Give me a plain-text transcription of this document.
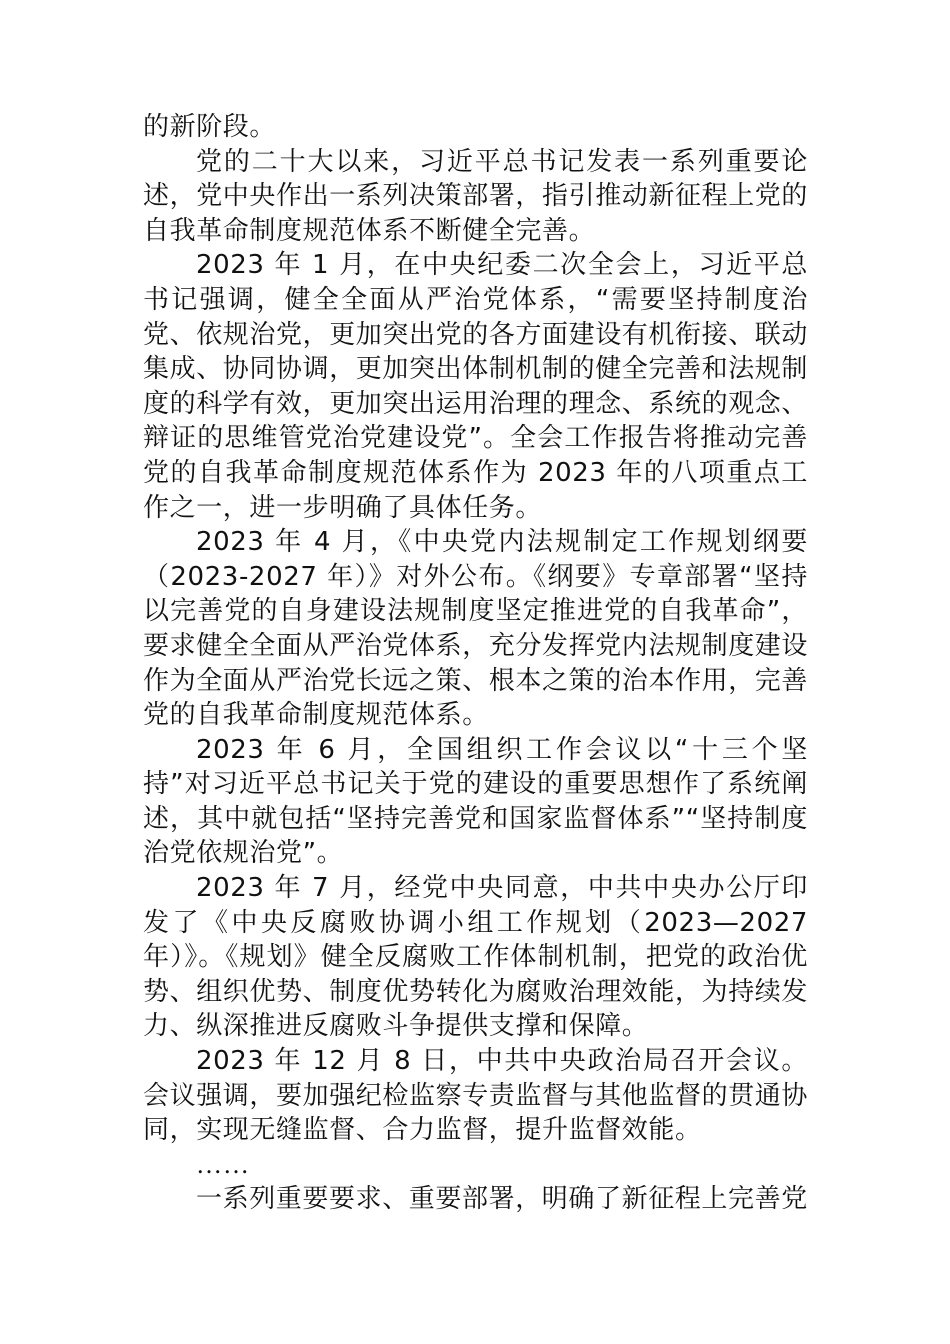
的新阶段。

党的二十大以来，习近平总书记发表一系列重要论述，党中央作出一系列决策部署，指引推动新征程上党的自我革命制度规范体系不断健全完善。

2023 年 1 月，在中央纪委二次全会上，习近平总书记强调，健全全面从严治党体系，“需要坚持制度治党、依规治党，更加突出党的各方面建设有机衔接、联动集成、协同协调，更加突出体制机制的健全完善和法规制度的科学有效，更加突出运用治理的理念、系统的观念、辩证的思维管党治党建设党”。全会工作报告将推动完善党的自我革命制度规范体系作为 2023 年的八项重点工作之一，进一步明确了具体任务。

2023 年 4 月，《中央党内法规制定工作规划纲要（2023-2027 年）》对外公布。《纲要》专章部署“坚持以完善党的自身建设法规制度坚定推进党的自我革命”，要求健全全面从严治党体系，充分发挥党内法规制度建设作为全面从严治党长远之策、根本之策的治本作用，完善党的自我革命制度规范体系。

2023 年 6 月，全国组织工作会议以“十三个坚持”对习近平总书记关于党的建设的重要思想作了系统阐述，其中就包括“坚持完善党和国家监督体系”“坚持制度治党依规治党”。

2023 年 7 月，经党中央同意，中共中央办公厅印发了《中央反腐败协调小组工作规划（2023—2027 年）》。《规划》健全反腐败工作体制机制，把党的政治优势、组织优势、制度优势转化为腐败治理效能，为持续发力、纵深推进反腐败斗争提供支撑和保障。

2023 年 12 月 8 日，中共中央政治局召开会议。会议强调，要加强纪检监察专责监督与其他监督的贯通协同，实现无缝监督、合力监督，提升监督效能。

……

一系列重要要求、重要部署，明确了新征程上完善党
